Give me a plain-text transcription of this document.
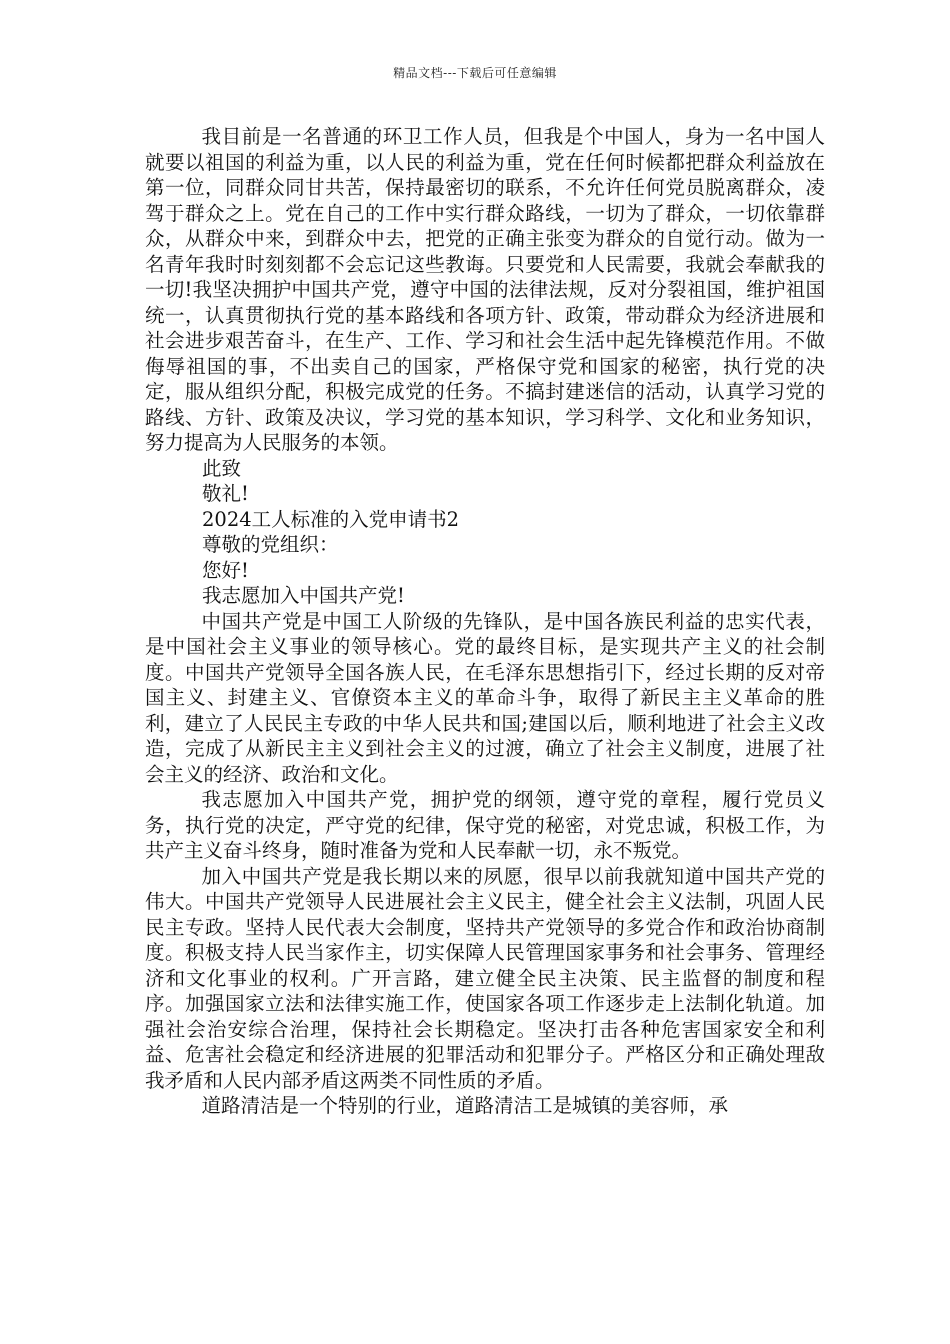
精品文档---下载后可任意编辑

我目前是一名普通的环卫工作人员，但我是个中国人，身为一名中国人就要以祖国的利益为重，以人民的利益为重，党在任何时候都把群众利益放在第一位，同群众同甘共苦，保持最密切的联系，不允许任何党员脱离群众，凌驾于群众之上。党在自己的工作中实行群众路线，一切为了群众，一切依靠群众，从群众中来，到群众中去，把党的正确主张变为群众的自觉行动。做为一名青年我时时刻刻都不会忘记这些教诲。只要党和人民需要，我就会奉献我的一切!我坚决拥护中国共产党，遵守中国的法律法规，反对分裂祖国，维护祖国统一，认真贯彻执行党的基本路线和各项方针、政策，带动群众为经济进展和社会进步艰苦奋斗，在生产、工作、学习和社会生活中起先锋模范作用。不做侮辱祖国的事，不出卖自己的国家，严格保守党和国家的秘密，执行党的决定，服从组织分配，积极完成党的任务。不搞封建迷信的活动，认真学习党的路线、方针、政策及决议，学习党的基本知识，学习科学、文化和业务知识，努力提高为人民服务的本领。

此致

敬礼!

2024工人标准的入党申请书2

尊敬的党组织：

您好!

我志愿加入中国共产党!

中国共产党是中国工人阶级的先锋队，是中国各族民利益的忠实代表，是中国社会主义事业的领导核心。党的最终目标，是实现共产主义的社会制度。中国共产党领导全国各族人民，在毛泽东思想指引下，经过长期的反对帝国主义、封建主义、官僚资本主义的革命斗争，取得了新民主主义革命的胜利，建立了人民民主专政的中华人民共和国;建国以后，顺利地进了社会主义改造，完成了从新民主主义到社会主义的过渡，确立了社会主义制度，进展了社会主义的经济、政治和文化。

我志愿加入中国共产党，拥护党的纲领，遵守党的章程，履行党员义务，执行党的决定，严守党的纪律，保守党的秘密，对党忠诚，积极工作，为共产主义奋斗终身，随时准备为党和人民奉献一切，永不叛党。

加入中国共产党是我长期以来的夙愿，很早以前我就知道中国共产党的伟大。中国共产党领导人民进展社会主义民主，健全社会主义法制，巩固人民民主专政。坚持人民代表大会制度，坚持共产党领导的多党合作和政治协商制度。积极支持人民当家作主，切实保障人民管理国家事务和社会事务、管理经济和文化事业的权利。广开言路，建立健全民主决策、民主监督的制度和程序。加强国家立法和法律实施工作，使国家各项工作逐步走上法制化轨道。加强社会治安综合治理，保持社会长期稳定。坚决打击各种危害国家安全和利益、危害社会稳定和经济进展的犯罪活动和犯罪分子。严格区分和正确处理敌我矛盾和人民内部矛盾这两类不同性质的矛盾。

道路清洁是一个特别的行业，道路清洁工是城镇的美容师，承
